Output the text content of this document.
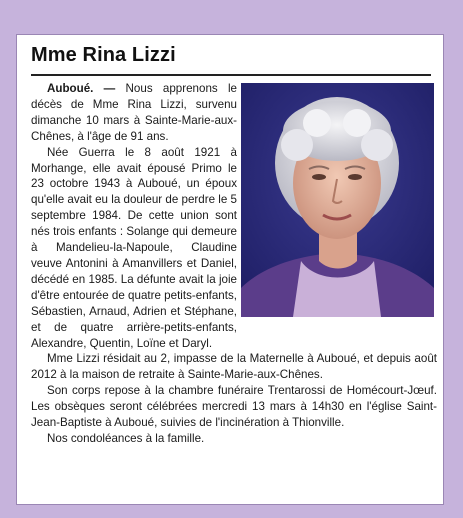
Mme Rina Lizzi

Auboué. — Nous apprenons le décès de Mme Rina Lizzi, survenu dimanche 10 mars à Sainte-Marie-aux-Chênes, à l'âge de 91 ans.

Née Guerra le 8 août 1921 à Morhange, elle avait épousé Primo le 23 octobre 1943 à Auboué, un époux qu'elle avait eu la douleur de perdre le 5 septembre 1984. De cette union sont nés trois enfants : Solange qui demeure à Mandelieu-la-Napoule, Claudine veuve Antonini à Amanvillers et Daniel, décédé en 1985. La défunte avait la joie d'être entourée de quatre petits-enfants, Sébastien, Arnaud, Adrien et Stéphane, et de quatre arrière-petits-enfants, Alexandre, Quentin, Loïne et Daryl.

Mme Lizzi résidait au 2, impasse de la Maternelle à Auboué, et depuis août 2012 à la maison de retraite à Sainte-Marie-aux-Chênes.

Son corps repose à la chambre funéraire Trentarossi de Homécourt-Jœuf. Les obsèques seront célébrées mercredi 13 mars à 14h30 en l'église Saint-Jean-Baptiste à Auboué, suivies de l'incinération à Thionville.

Nos condoléances à la famille.
